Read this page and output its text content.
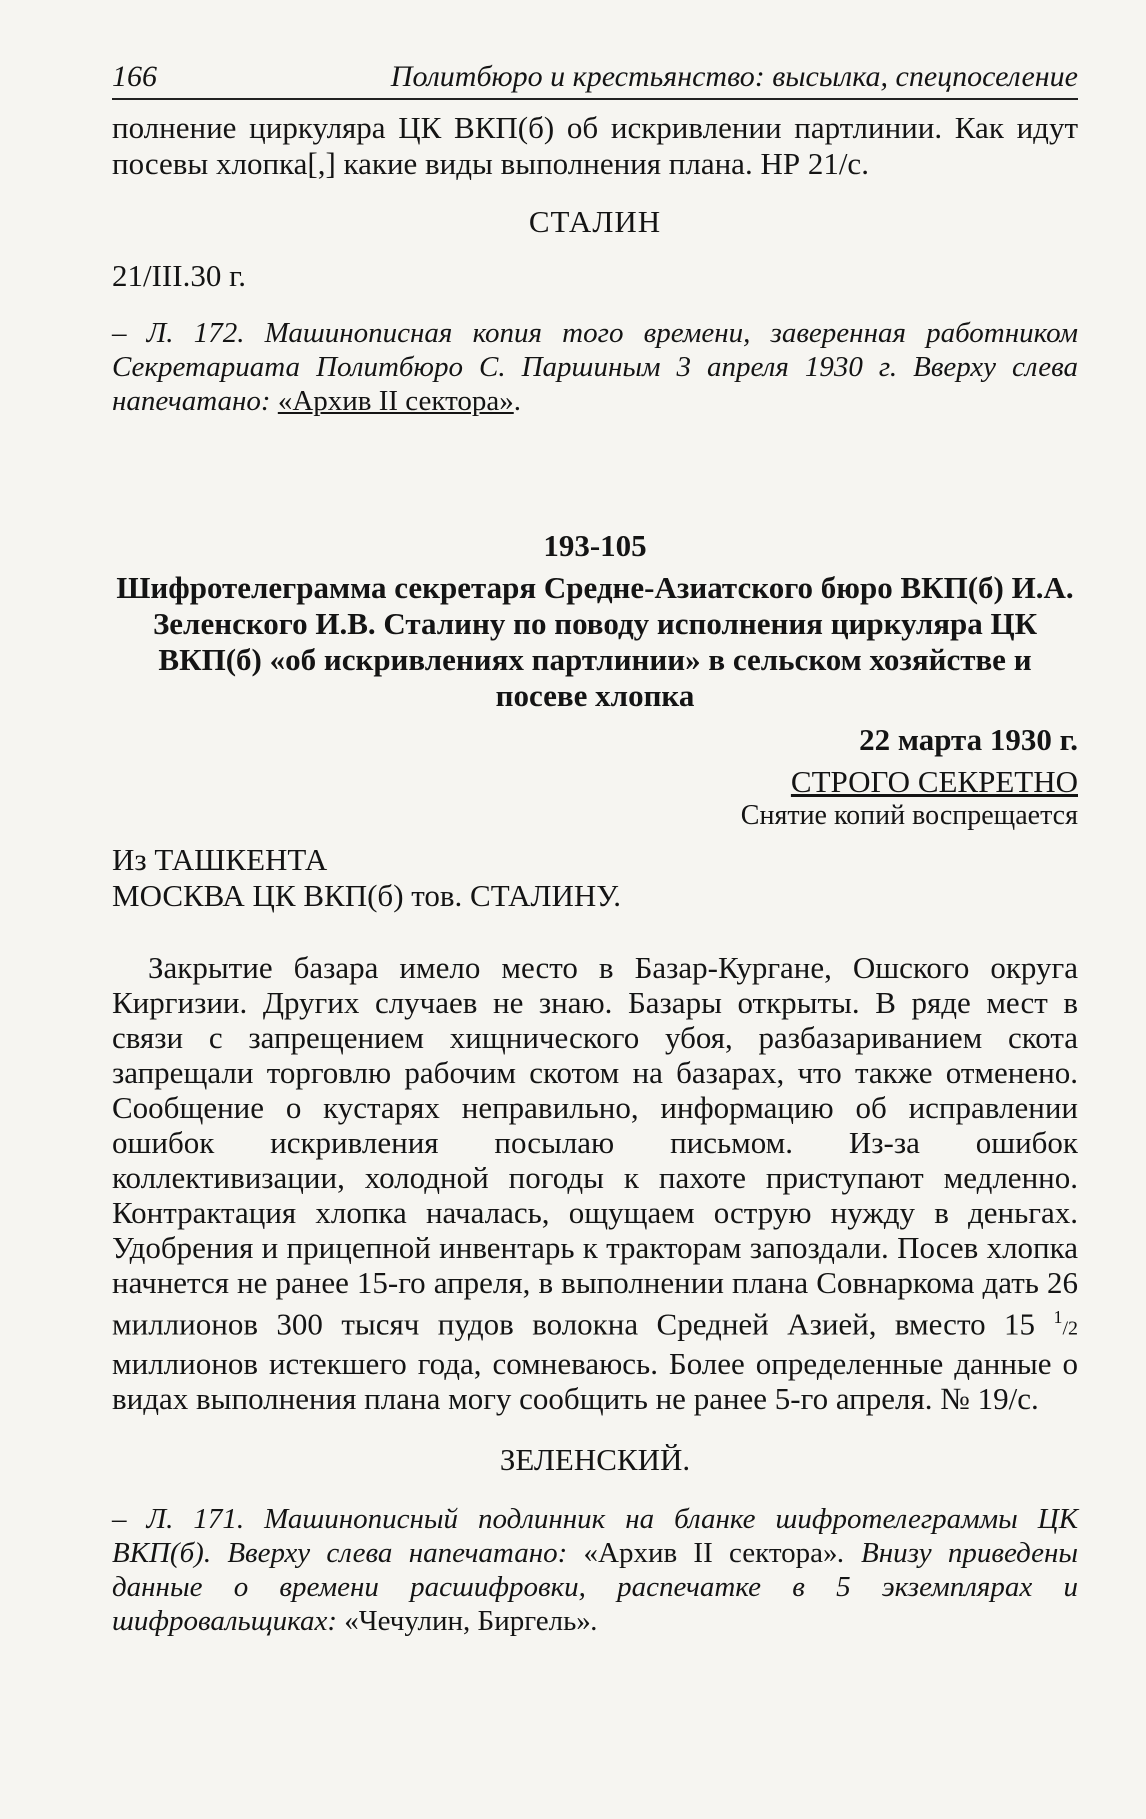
166	Политбюро и крестьянство: высылка, спецпоселение

полнение циркуляра ЦК ВКП(б) об искривлении партлинии. Как идут посевы хлопка[,] какие виды выполнения плана. НР 21/с.

СТАЛИН
21/III.30 г.

– Л. 172. Машинописная копия того времени, заверенная работником Секретариата Политбюро С. Паршиным 3 апреля 1930 г. Вверху слева напечатано: «Архив II сектора».

193-105

Шифротелеграмма секретаря Средне-Азиатского бюро ВКП(б) И.А. Зеленского И.В. Сталину по поводу исполнения циркуляра ЦК ВКП(б) «об искривлениях партлинии» в сельском хозяйстве и посеве хлопка

22 марта 1930 г.
СТРОГО СЕКРЕТНО
Снятие копий воспрещается
Из ТАШКЕНТА
МОСКВА ЦК ВКП(б) тов. СТАЛИНУ.

Закрытие базара имело место в Базар-Кургане, Ошского округа Киргизии. Других случаев не знаю. Базары открыты. В ряде мест в связи с запрещением хищнического убоя, разбазариванием скота запрещали торговлю рабочим скотом на базарах, что также отменено. Сообщение о кустарях неправильно, информацию об исправлении ошибок искривления посылаю письмом. Из-за ошибок коллективизации, холодной погоды к пахоте приступают медленно. Контрактация хлопка началась, ощущаем острую нужду в деньгах. Удобрения и прицепной инвентарь к тракторам запоздали. Посев хлопка начнется не ранее 15-го апреля, в выполнении плана Совнаркома дать 26 миллионов 300 тысяч пудов волокна Средней Азией, вместо 15 $^1$/2 миллионов истекшего года, сомневаюсь. Более определенные данные о видах выполнения плана могу сообщить не ранее 5-го апреля. № 19/с.

ЗЕЛЕНСКИЙ.

– Л. 171. Машинописный подлинник на бланке шифротелеграммы ЦК ВКП(б). Вверху слева напечатано: «Архив II сектора». Внизу приведены данные о времени расшифровки, распечатке в 5 экземплярах и шифровальщиках: «Чечулин, Биргель».
